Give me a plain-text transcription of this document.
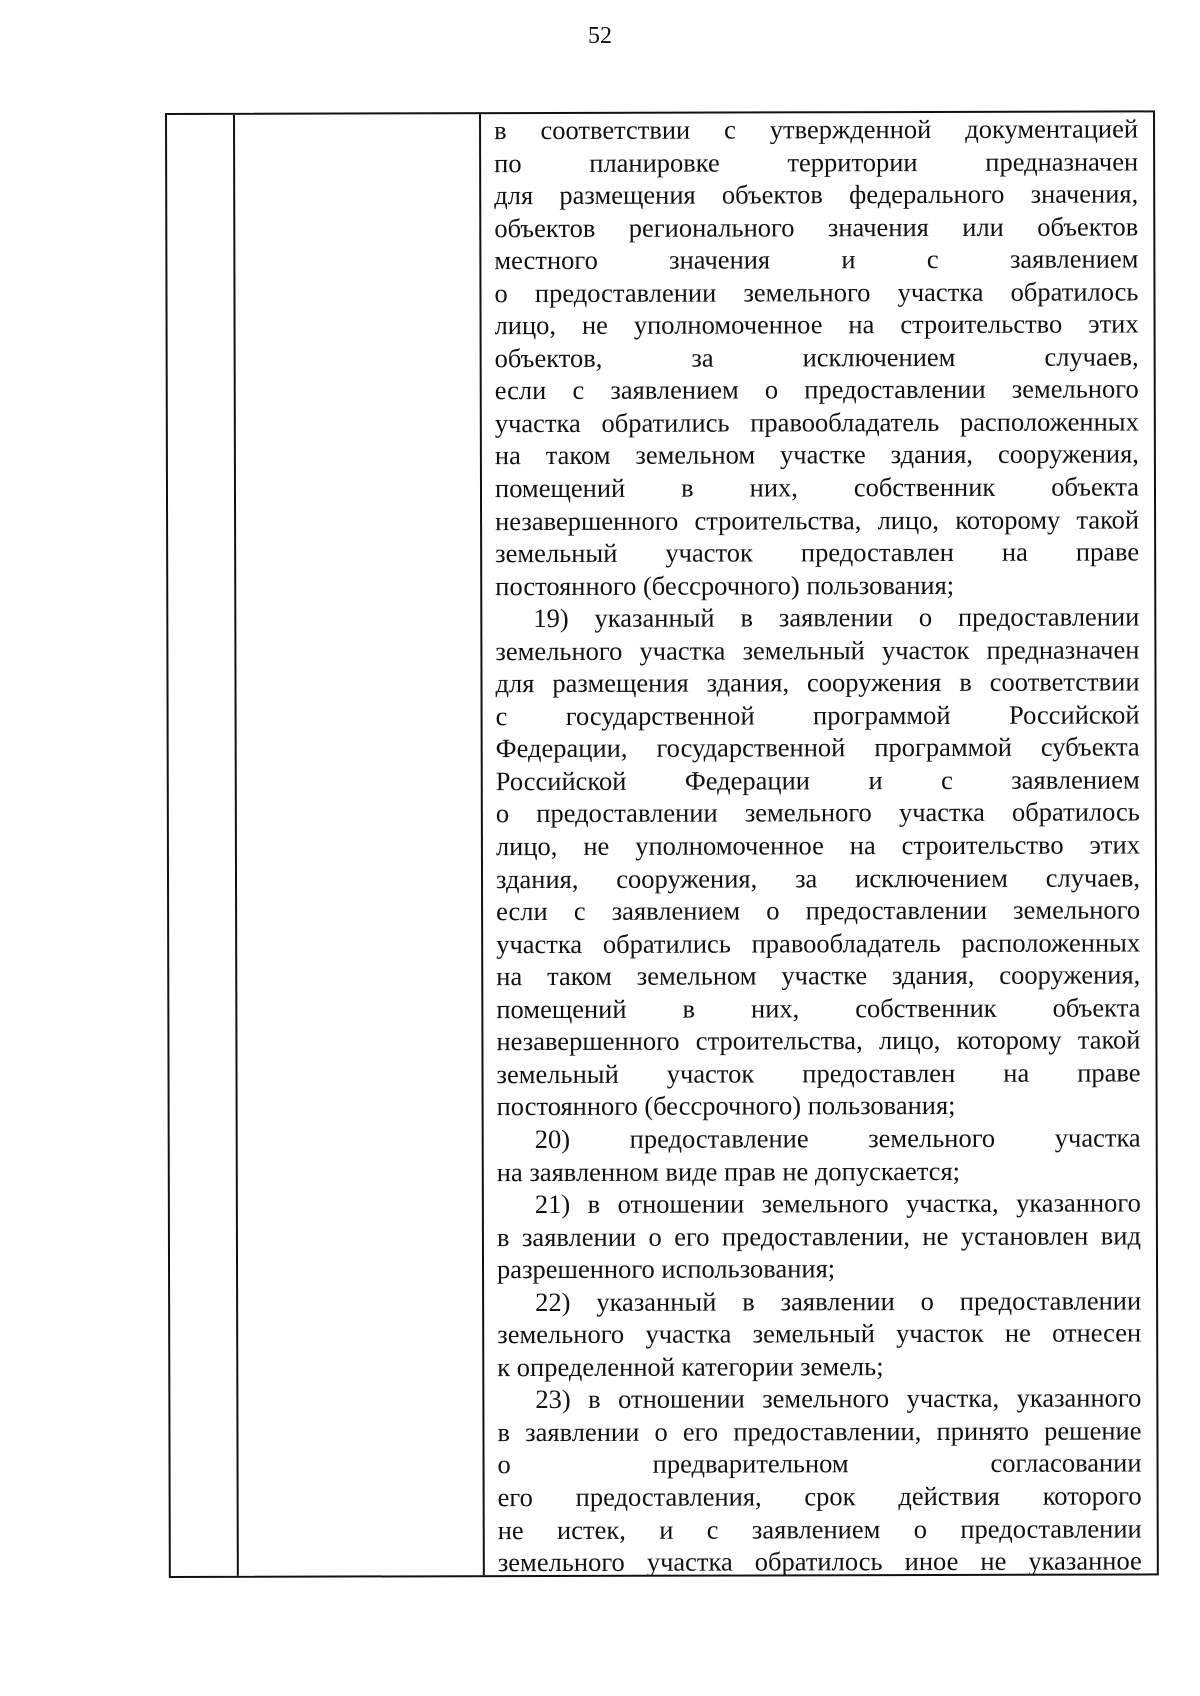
52
в соответствии с утвержденной документацией
по планировке территории предназначен
для размещения объектов федерального значения,
объектов регионального значения или объектов
местного значения и с заявлением
о предоставлении земельного участка обратилось
лицо, не уполномоченное на строительство этих
объектов, за исключением случаев,
если с заявлением о предоставлении земельного
участка обратились правообладатель расположенных
на таком земельном участке здания, сооружения,
помещений в них, собственник объекта
незавершенного строительства, лицо, которому такой
земельный участок предоставлен на праве
постоянного (бессрочного) пользования;
19) указанный в заявлении о предоставлении
земельного участка земельный участок предназначен
для размещения здания, сооружения в соответствии
с государственной программой Российской
Федерации, государственной программой субъекта
Российской Федерации и с заявлением
о предоставлении земельного участка обратилось
лицо, не уполномоченное на строительство этих
здания, сооружения, за исключением случаев,
если с заявлением о предоставлении земельного
участка обратились правообладатель расположенных
на таком земельном участке здания, сооружения,
помещений в них, собственник объекта
незавершенного строительства, лицо, которому такой
земельный участок предоставлен на праве
постоянного (бессрочного) пользования;
20) предоставление земельного участка
на заявленном виде прав не допускается;
21) в отношении земельного участка, указанного
в заявлении о его предоставлении, не установлен вид
разрешенного использования;
22) указанный в заявлении о предоставлении
земельного участка земельный участок не отнесен
к определенной категории земель;
23) в отношении земельного участка, указанного
в заявлении о его предоставлении, принято решение
о предварительном согласовании
его предоставления, срок действия которого
не истек, и с заявлением о предоставлении
земельного участка обратилось иное не указанное
